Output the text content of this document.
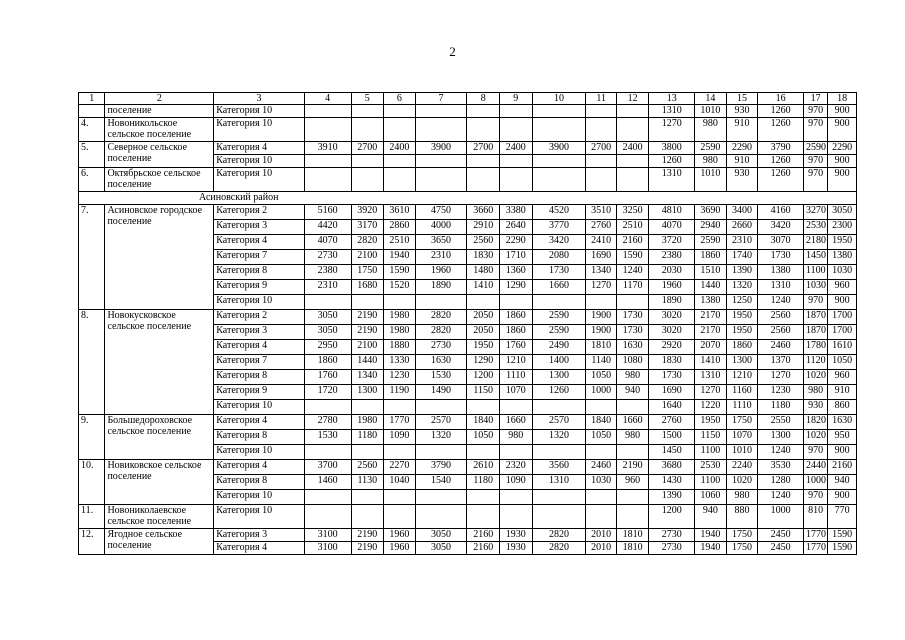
2
1	2	3	4	5	6	7	8	9	10	11	12	13	14	15	16	17	18
	поселение	Категория 10										1310	1010	930	1260	970	900
4.	Новоникольское сельское поселение	Категория 10										1270	980	910	1260	970	900
5.	Северное сельское поселение	Категория 4	3910	2700	2400	3900	2700	2400	3900	2700	2400	3800	2590	2290	3790	2590	2290
		Категория 10										1260	980	910	1260	970	900
6.	Октябрьское сельское поселение	Категория 10										1310	1010	930	1260	970	900
Асиновский район																	
7.	Асиновское городское поселение	Категория 2	5160	3920	3610	4750	3660	3380	4520	3510	3250	4810	3690	3400	4160	3270	3050
		Категория 3	4420	3170	2860	4000	2910	2640	3770	2760	2510	4070	2940	2660	3420	2530	2300
		Категория 4	4070	2820	2510	3650	2560	2290	3420	2410	2160	3720	2590	2310	3070	2180	1950
		Категория 7	2730	2100	1940	2310	1830	1710	2080	1690	1590	2380	1860	1740	1730	1450	1380
		Категория 8	2380	1750	1590	1960	1480	1360	1730	1340	1240	2030	1510	1390	1380	1100	1030
		Категория 9	2310	1680	1520	1890	1410	1290	1660	1270	1170	1960	1440	1320	1310	1030	960
		Категория 10										1890	1380	1250	1240	970	900
8.	Новокусковское сельское поселение	Категория 2	3050	2190	1980	2820	2050	1860	2590	1900	1730	3020	2170	1950	2560	1870	1700
		Категория 3	3050	2190	1980	2820	2050	1860	2590	1900	1730	3020	2170	1950	2560	1870	1700
		Категория 4	2950	2100	1880	2730	1950	1760	2490	1810	1630	2920	2070	1860	2460	1780	1610
		Категория 7	1860	1440	1330	1630	1290	1210	1400	1140	1080	1830	1410	1300	1370	1120	1050
		Категория 8	1760	1340	1230	1530	1200	1110	1300	1050	980	1730	1310	1210	1270	1020	960
		Категория 9	1720	1300	1190	1490	1150	1070	1260	1000	940	1690	1270	1160	1230	980	910
		Категория 10										1640	1220	1110	1180	930	860
9.	Большедороховское сельское поселение	Категория 4	2780	1980	1770	2570	1840	1660	2570	1840	1660	2760	1950	1750	2550	1820	1630
		Категория 8	1530	1180	1090	1320	1050	980	1320	1050	980	1500	1150	1070	1300	1020	950
		Категория 10										1450	1100	1010	1240	970	900
10.	Новиковское сельское поселение	Категория 4	3700	2560	2270	3790	2610	2320	3560	2460	2190	3680	2530	2240	3530	2440	2160
		Категория 8	1460	1130	1040	1540	1180	1090	1310	1030	960	1430	1100	1020	1280	1000	940
		Категория 10										1390	1060	980	1240	970	900
11.	Новониколаевское сельское поселение	Категория 10										1200	940	880	1000	810	770
12.	Ягодное сельское поселение	Категория 3	3100	2190	1960	3050	2160	1930	2820	2010	1810	2730	1940	1750	2450	1770	1590
		Категория 4	3100	2190	1960	3050	2160	1930	2820	2010	1810	2730	1940	1750	2450	1770	1590
